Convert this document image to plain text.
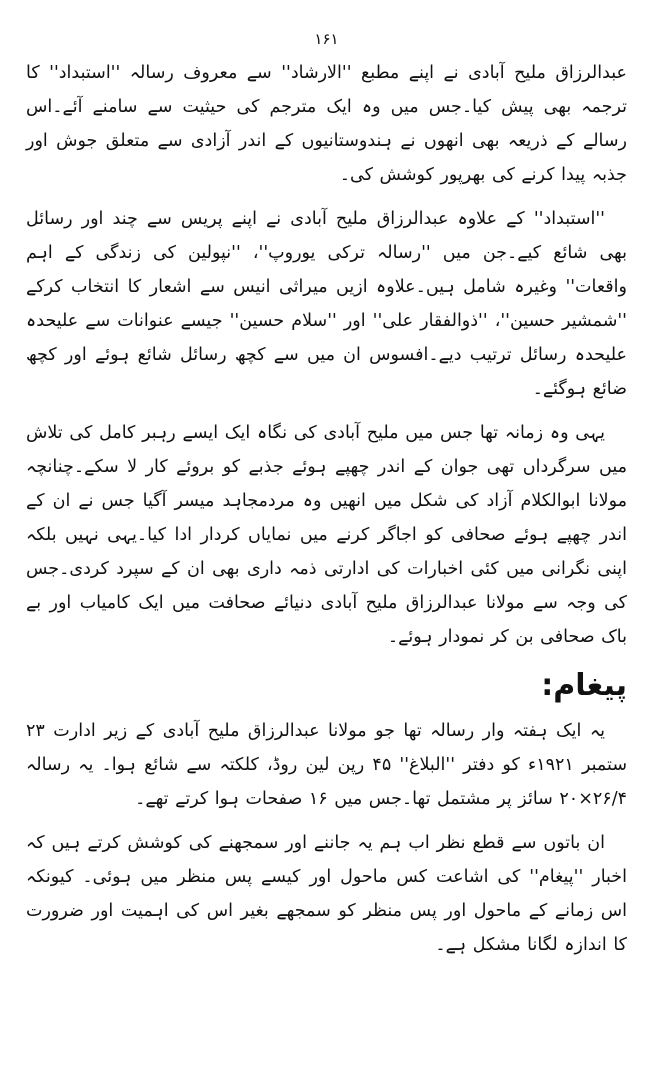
۱۶۱

عبدالرزاق ملیح آبادی نے اپنے مطبع ''الارشاد'' سے معروف رسالہ ''استبداد'' کا ترجمہ بھی پیش کیا۔جس میں وہ ایک مترجم کی حیثیت سے سامنے آئے۔اس رسالے کے ذریعہ بھی انھوں نے ہندوستانیوں کے اندر آزادی سے متعلق جوش اور جذبہ پیدا کرنے کی بھرپور کوشش کی۔

''استبداد'' کے علاوہ عبدالرزاق ملیح آبادی نے اپنے پریس سے چند اور رسائل بھی شائع کیے۔جن میں ''رسالہ ترکی یوروپ''، ''نپولین کی زندگی کے اہم واقعات'' وغیرہ شامل ہیں۔علاوہ ازیں میراثی انیس سے اشعار کا انتخاب کرکے ''شمشیر حسین''، ''ذوالفقار علی'' اور ''سلام حسین'' جیسے عنوانات سے علیحدہ علیحدہ رسائل ترتیب دیے۔افسوس ان میں سے کچھ رسائل شائع ہوئے اور کچھ ضائع ہوگئے۔

یہی وہ زمانہ تھا جس میں ملیح آبادی کی نگاہ ایک ایسے رہبر کامل کی تلاش میں سرگرداں تھی جوان کے اندر چھپے ہوئے جذبے کو بروئے کار لا سکے۔چنانچہ مولانا ابوالکلام آزاد کی شکل میں انھیں وہ مردمجاہد میسر آگیا جس نے ان کے اندر چھپے ہوئے صحافی کو اجاگر کرنے میں نمایاں کردار ادا کیا۔یہی نہیں بلکہ اپنی نگرانی میں کئی اخبارات کی ادارتی ذمہ داری بھی ان کے سپرد کردی۔جس کی وجہ سے مولانا عبدالرزاق ملیح آبادی دنیائے صحافت میں ایک کامیاب اور بے باک صحافی بن کر نمودار ہوئے۔

پیغام:

یہ ایک ہفتہ وار رسالہ تھا جو مولانا عبدالرزاق ملیح آبادی کے زیر ادارت ۲۳ ستمبر ۱۹۲۱ء کو دفتر ''البلاغ'' ۴۵ رپن لین روڈ، کلکتہ سے شائع ہوا۔ یہ رسالہ ۲۶/۴×۲۰ سائز پر مشتمل تھا۔جس میں ۱۶ صفحات ہوا کرتے تھے۔

ان باتوں سے قطع نظر اب ہم یہ جاننے اور سمجھنے کی کوشش کرتے ہیں کہ اخبار ''پیغام'' کی اشاعت کس ماحول اور کیسے پس منظر میں ہوئی۔ کیونکہ اس زمانے کے ماحول اور پس منظر کو سمجھے بغیر اس کی اہمیت اور ضرورت کا اندازہ لگانا مشکل ہے۔
